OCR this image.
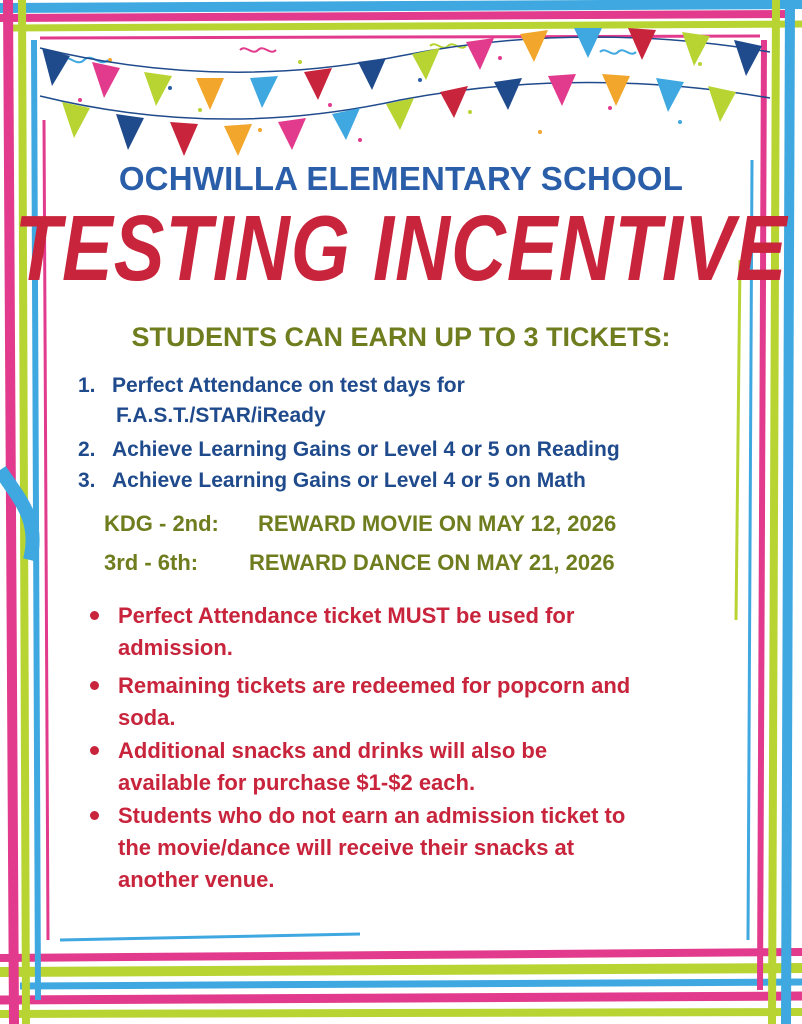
OCHWILLA ELEMENTARY SCHOOL
TESTING INCENTIVE
STUDENTS CAN EARN UP TO 3 TICKETS:
1. Perfect Attendance on test days for
F.A.S.T./STAR/iReady
2. Achieve Learning Gains or Level 4 or 5 on Reading
3. Achieve Learning Gains or Level 4 or 5 on Math
KDG - 2nd: REWARD MOVIE ON MAY 12, 2026
3rd - 6th: REWARD DANCE ON MAY 21, 2026
Perfect Attendance ticket MUST be used for
admission.
Remaining tickets are redeemed for popcorn and
soda.
Additional snacks and drinks will also be
available for purchase $1-$2 each.
Students who do not earn an admission ticket to
the movie/dance will receive their snacks at
another venue.
